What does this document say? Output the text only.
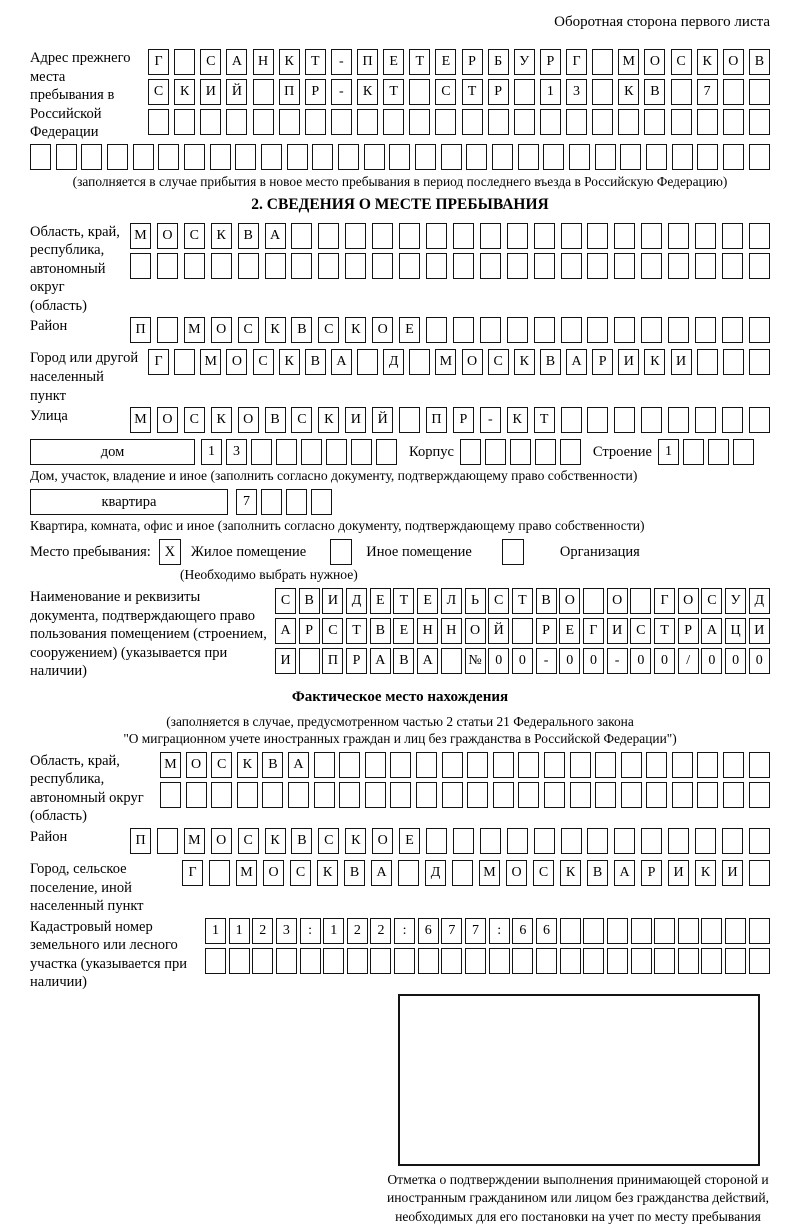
Оборотная сторона первого листа
Адрес прежнего места пребывания в Российской Федерации
Г	С	А	Н	К	Т	-	П	Е	Т	Е	Р	Б	У	Р	Г	М	О	С	К	О	В
С	К	И	Й	П	Р	-	К	Т	С	Т	Р	1	3	К	В	7
(заполняется в случае прибытия в новое место пребывания в период последнего въезда в Российскую Федерацию)
2. СВЕДЕНИЯ О МЕСТЕ ПРЕБЫВАНИЯ
Область, край, республика, автономный округ (область)
М	О	С	К	В	А
Район	П	М	О	С	К	В	С	К	О	Е
Город или другой населенный пункт
Г	М	О	С	К	В	А	Д	М	О	С	К	В	А	Р	И	К	И
Улица	М	О	С	К	О	В	С	К	И	Й	П	Р	-	К	Т
дом	1	3	Корпус	Строение 1
Дом, участок, владение и иное (заполнить согласно документу, подтверждающему право собственности)
квартира	7
Квартира, комната, офис и иное (заполнить согласно документу, подтверждающему право собственности)
Место пребывания: X	Жилое помещение	Иное помещение	Организация
(Необходимо выбрать нужное)
Наименование и реквизиты документа, подтверждающего право пользования помещением (строением, сооружением) (указывается при наличии)
С	В И Д	Е	Т	Е	Л	Ь	С	Т	В О	О	Г	О С	У Д
А	Р	С	Т	В	Е	Н Н О Й	Р	Е	Г	И С	Т	Р	А Ц И
И	П	Р	А В А	№ 0	0	-	0	0	-	0	0	/	0	0	0
Фактическое место нахождения
(заполняется в случае, предусмотренном частью 2 статьи 21 Федерального закона
"О миграционном учете иностранных граждан и лиц без гражданства в Российской Федерации")
Область, край, республика, автономный округ (область)
М	О	С	К	В	А
Район	П	М	О	С	К	В	С	К	О	Е
Город, сельское поселение, иной населенный пункт
Г	М	О	С	К	В	А	Д	М	О	С	К	В	А	Р	И	К	И
Кадастровый номер земельного или лесного участка (указывается при наличии)
1	1	2	3	:	1	2	2	:	6	7	7	:	6	6
Отметка о подтверждении выполнения принимающей стороной и иностранным гражданином или лицом без гражданства действий, необходимых для его постановки на учет по месту пребывания
